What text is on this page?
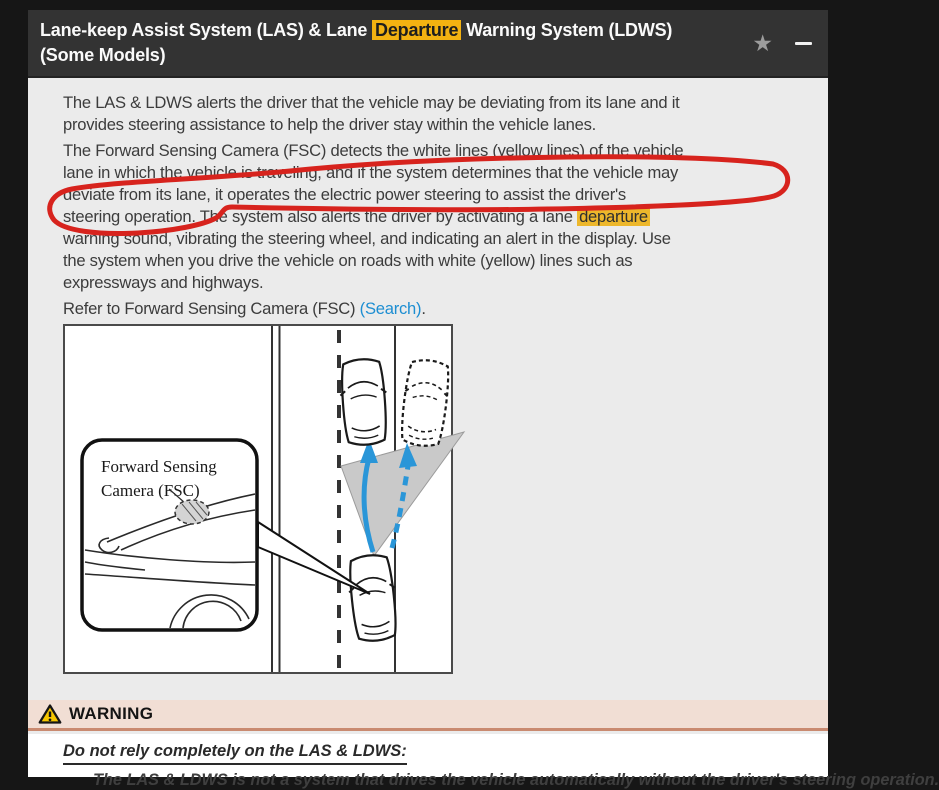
Lane-keep Assist System (LAS) & Lane Departure Warning System (LDWS)
(Some Models)	★
The LAS & LDWS alerts the driver that the vehicle may be deviating from its lane and it
provides steering assistance to help the driver stay within the vehicle lanes.
The Forward Sensing Camera (FSC) detects the white lines (yellow lines) of the vehicle
lane in which the vehicle is traveling, and if the system determines that the vehicle may
deviate from its lane, it operates the electric power steering to assist the driver's
steering operation. The system also alerts the driver by activating a lane departure
warning sound, vibrating the steering wheel, and indicating an alert in the display. Use
the system when you drive the vehicle on roads with white (yellow) lines such as
expressways and highways.
Refer to Forward Sensing Camera (FSC) (Search).
Forward Sensing
Camera (FSC)
WARNING
Do not rely completely on the LAS & LDWS:
The LAS & LDWS is not a system that drives the vehicle automatically without the driver's steering operation.
